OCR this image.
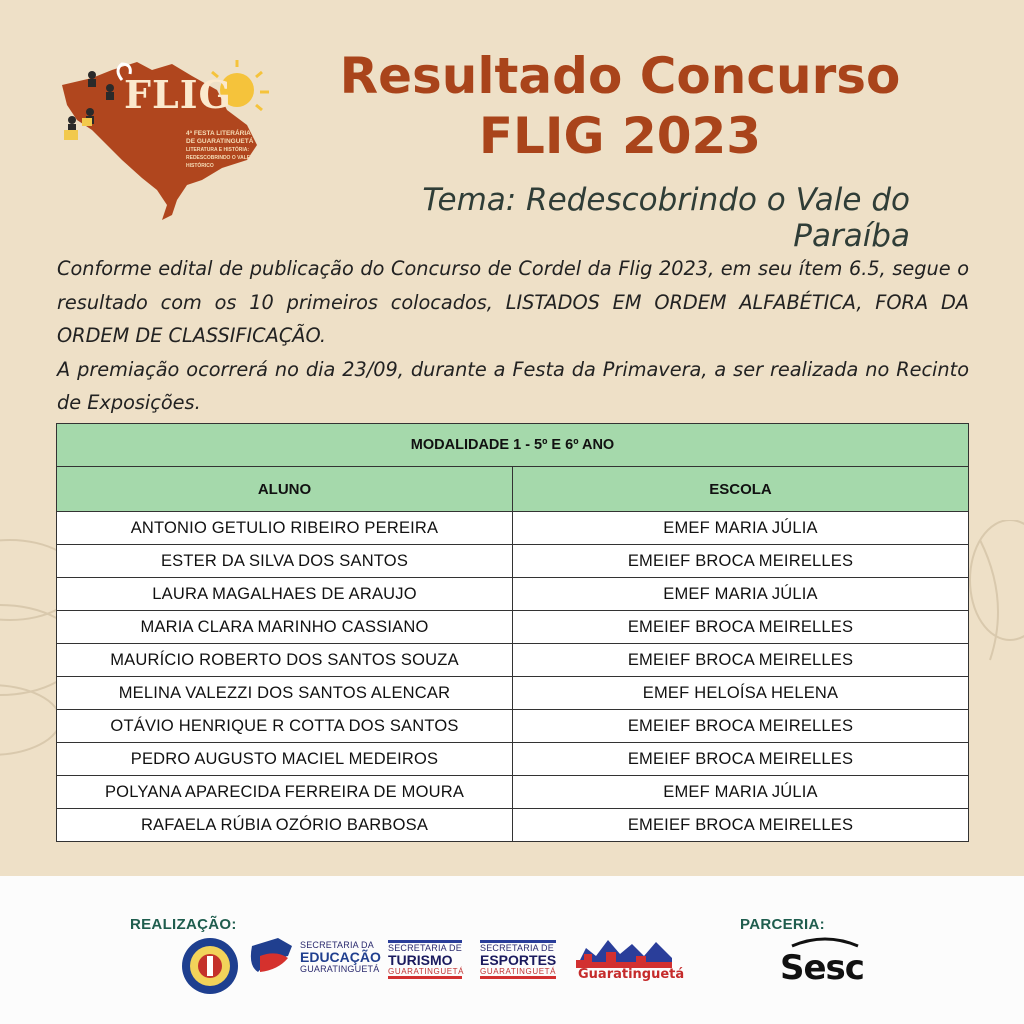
FLIG
4ª FESTA LITERÁRIA
DE GUARATINGUETÁ
LITERATURA E HISTÓRIA:
REDESCOBRINDO O VALE HISTÓRICO
Resultado Concurso
FLIG 2023
Tema: Redescobrindo o Vale do Paraíba

Conforme edital de publicação do Concurso de Cordel da Flig 2023, em seu ítem 6.5, segue o resultado com os 10 primeiros colocados, LISTADOS EM ORDEM ALFABÉTICA, FORA DA ORDEM DE CLASSIFICAÇÃO.

A premiação ocorrerá no dia 23/09, durante a Festa da Primavera, a ser realizada no Recinto de Exposições.

MODALIDADE 1 - 5º E 6º ANO	
ALUNO	ESCOLA
ANTONIO GETULIO RIBEIRO PEREIRA	EMEF MARIA JÚLIA
ESTER DA SILVA DOS SANTOS	EMEIEF BROCA MEIRELLES
LAURA MAGALHAES DE ARAUJO	EMEF MARIA JÚLIA
MARIA CLARA MARINHO CASSIANO	EMEIEF BROCA MEIRELLES
MAURÍCIO ROBERTO DOS SANTOS SOUZA	EMEIEF BROCA MEIRELLES
MELINA VALEZZI DOS SANTOS ALENCAR	EMEF HELOÍSA HELENA
OTÁVIO HENRIQUE R COTTA DOS SANTOS	EMEIEF BROCA MEIRELLES
PEDRO AUGUSTO MACIEL MEDEIROS	EMEIEF BROCA MEIRELLES
POLYANA APARECIDA FERREIRA DE MOURA	EMEF MARIA JÚLIA
RAFAELA RÚBIA OZÓRIO BARBOSA	EMEIEF BROCA MEIRELLES
REALIZAÇÃO:	PARCERIA:
SECRETARIA DA
EDUCAÇÃO
GUARATINGUETÁ
SECRETARIA DE
TURISMO
GUARATINGUETÁ
SECRETARIA DE
ESPORTES
GUARATINGUETÁ Guaratinguetá	Sesc
